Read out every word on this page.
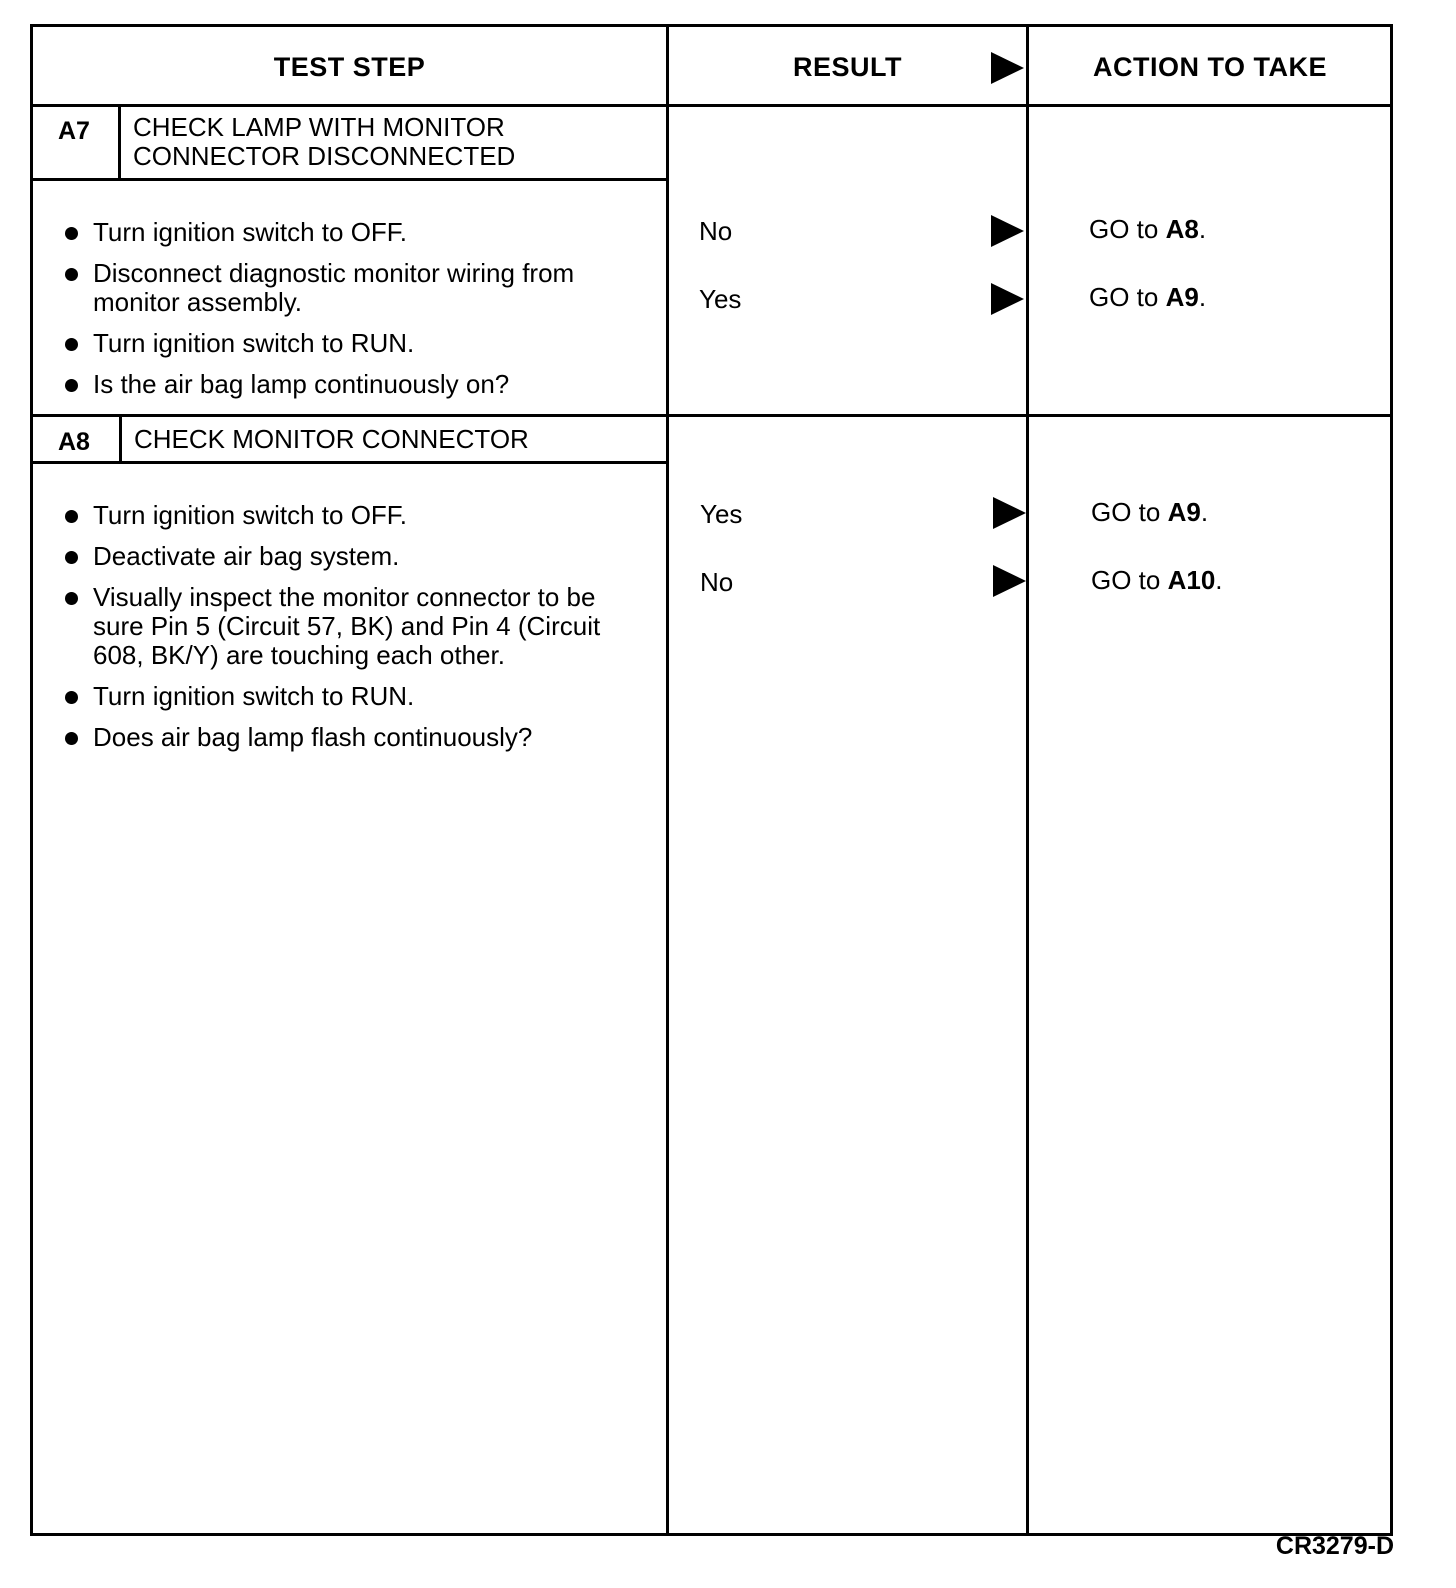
TEST STEP	RESULT	ACTION TO TAKE
A7 CHECK LAMP WITH MONITOR
CONNECTOR DISCONNECTED
Turn ignition switch to OFF.
Disconnect diagnostic monitor wiring from monitor assembly.
Turn ignition switch to RUN.
Is the air bag lamp continuously on?
No	GO to A8.
Yes	GO to A9.
A8 CHECK MONITOR CONNECTOR
Turn ignition switch to OFF.
Deactivate air bag system.
Visually inspect the monitor connector to be sure Pin 5 (Circuit 57, BK) and Pin 4 (Circuit 608, BK/Y) are touching each other.
Turn ignition switch to RUN.
Does air bag lamp flash continuously?
Yes	GO to A9.
No	GO to A10.
CR3279-D
